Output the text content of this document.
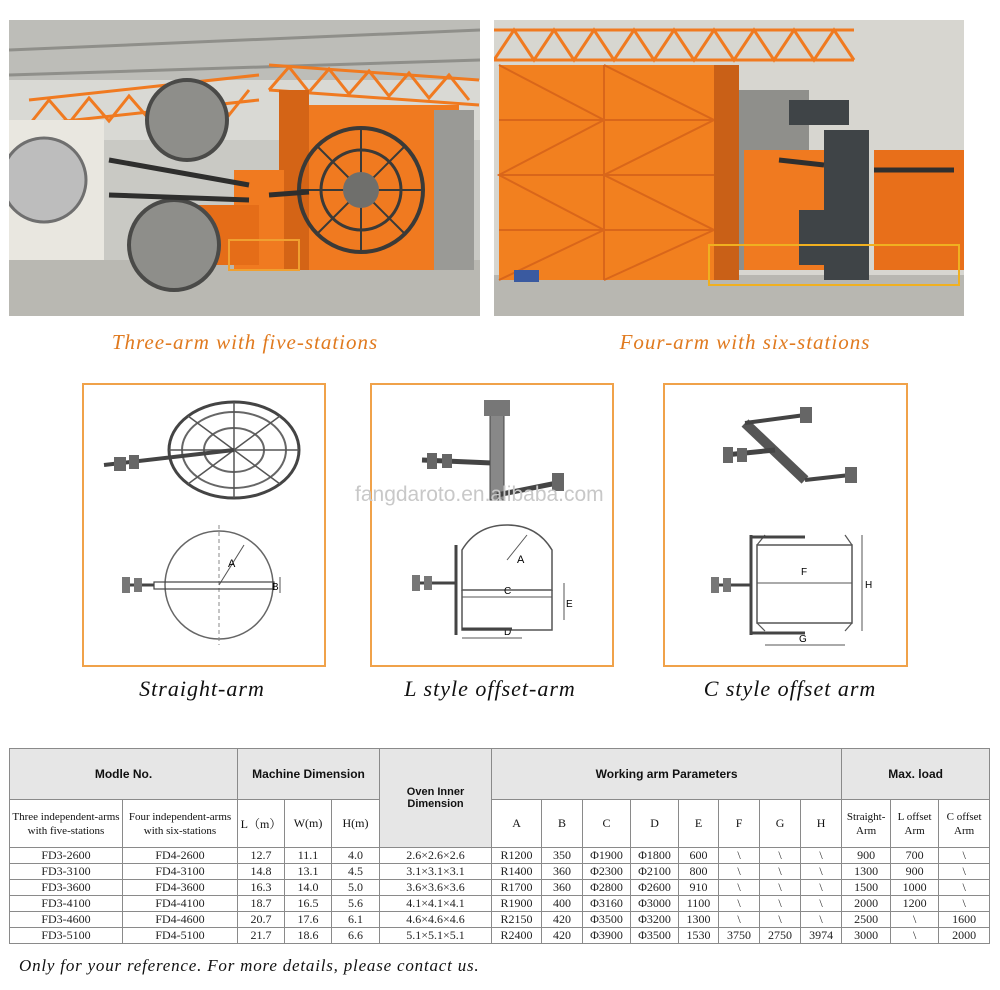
Three-arm with five-stations	Four-arm with six-stations
A
B
A
C
D
E
F
G
H
fangdaroto.en.alibaba.com
Straight-arm	L style offset-arm	C style offset arm
Modle No.		Machine Dimension			Oven Inner Dimension	Working arm Parameters								Max. load		
Three independent-arms with five-stations	Four independent-arms with six-stations	L（m）	W(m)	H(m)		A	B	C	D	E	F	G	H	Straight-Arm	L offset Arm	C offset Arm
FD3-2600	FD4-2600	12.7	11.1	4.0	2.6×2.6×2.6	R1200	350	Φ1900	Φ1800	600	\	\	\	900	700	\
FD3-3100	FD4-3100	14.8	13.1	4.5	3.1×3.1×3.1	R1400	360	Φ2300	Φ2100	800	\	\	\	1300	900	\
FD3-3600	FD4-3600	16.3	14.0	5.0	3.6×3.6×3.6	R1700	360	Φ2800	Φ2600	910	\	\	\	1500	1000	\
FD3-4100	FD4-4100	18.7	16.5	5.6	4.1×4.1×4.1	R1900	400	Φ3160	Φ3000	1100	\	\	\	2000	1200	\
FD3-4600	FD4-4600	20.7	17.6	6.1	4.6×4.6×4.6	R2150	420	Φ3500	Φ3200	1300	\	\	\	2500	\	1600
FD3-5100	FD4-5100	21.7	18.6	6.6	5.1×5.1×5.1	R2400	420	Φ3900	Φ3500	1530	3750	2750	3974	3000	\	2000
Only for your reference. For more details, please contact us.
